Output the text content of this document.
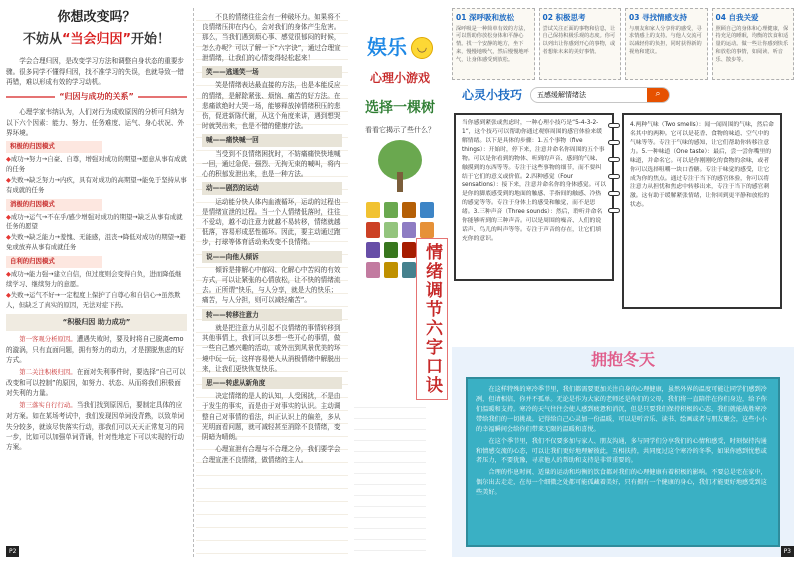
你想改变吗？
不妨从“当会归因”开始！

学会合理归因，是改变学习方法和调整自身状态的重要步骤。很多同学不懂得归因，找不准学习的失误，也就导致一错再错，难以形成有效的学习动机。

“归因与成功的关系”

心理学家韦纳认为，人们对行为成败原因的分析可归纳为以下六个因素：能力、努力、任务难度、运气、身心状况、外界环境。

积极的归因模式
◆成功→努力→自豪、自尊，增强对成功的期望→愿意从事有成就的任务
◆失败→缺乏努力→内疚，具有对成功的高期望→能免于坚持从事有成就的任务
消极的归因模式
◆成功→运气→不在乎/感少增强对成功的期望→缺乏从事有成就任务的愿望
◆失败→缺乏能力→羞愧、无能感，沮丧→降低对成功的期望→避免或放弃从事有成就任务
自利的归因模式
◆成功→能力强→建立自信，但过度则会变得自负，进而降低继续学习、继续努力的意愿。
◆失败→运气不好→一定程度上保护了自尊心和自信心→虽然欺人，但缺乏了真实的原因，无法对症下药。
“积极归因 助力成功”

第一客观分析原因。遭遇失败时，要及时将自己脱离emo的漩涡，只有直面问题，拥有努力的动力，才是摆脱焦虑的好方式。

第二关注积极归因。在面对失利事件时，要选择“自己可以改变和可以控制”的原因，如努力、状态、从而将我们积极面对失利的力量。

第三落实自行行动。当我们找到原因后，要制定具体的应对方案。如在某场考试中，我们发现因单词没背熟，以致单词失分较多，就该尽快落实行动，那我们可以天天正常复习的同一步，比如可以加强单词背诵，针对性地定下可以实现的行动方案。

P2

不良的情绪往往会有一种破坏力。如果将不良情绪压抑在内心，会对我们的身体产生危害。那么，当我们遇到烦心事、感觉很郁闷的时候，怎么办呢？可以了解一下“六字诀”，通过合理宣泄情绪，让我们的心情变得轻松起来！

笑——逃通笑一场

笑是情绪表达最直接的方法，也是本能反应的情绪，是解除紧张、烦恼、痛苦的好方法。在悲痛欲绝时大哭一场，能够释放掉情绪积压的悲伤，促进新陈代谢，从这个角度来讲，遇到想哭时就哭出来，也是不错的健康疗法。

喊——痛快喊一回

当受到不良情绪困扰时，不妨痛痛快快地喊一回，通过急促、强烈、无拘无束的喊叫，将内心的积郁发泄出来，也是一种方法。

动——剧烈的运动

运动能分快人体内血液循环，运动的过程也是情绪宣泄的过程。当一个人情绪低落时，往往不爱动，越不动注意力就越不易转移，情绪就越低落，容易形成恶性循环。因此，要主动通过跑步，打球等体育活动来改变不良情绪。

说——向他人倾诉

倾诉是排解心中郁闷、化解心中苦闷的有效方式，可以让紧张的心情放松，让不快的情绪流去。正所谓“快乐，与人分享，就是大的快乐；痛苦，与人分担，则可以减轻痛苦”。

转——转移注意力

就是把注意力从引起不良情绪的事情转移到其他事情上，我们可以多想一些开心的事情，做一些自己感兴趣的活动，或外出到风景优美的环境中玩一玩，这样容易使人从消极情绪中解脱出来，让我们更快恢复快乐。

思——转虑从新角度

决定情绪的是人的认知，人受困扰，不是由于发生的事实，而是由于对事实的认识。主动调整自己对事情的看法，纠正认识上的偏差，多从光明面看问题，就可减轻甚至消除不良情绪，变阴暗为晴朗。

心理宣泄有合理与不合理之分，我们要学会合理宣泄不良情绪，做情绪的主人。

娱乐 ◡
心理小游戏
选择一棵树
看看它揭示了些什么？
情绪调节六字口诀
01 深呼吸和放松
深呼吸是一种简单有效的方法，可以帮助你放松身体和平静心情。找一个安静的地方，坐下来，慢慢地吸气，然后慢慢地呼气，让身体感受到放松。
02 积极思考
尝试关注正面的事物和信息，让自己保持积极乐观的态度。你可以列出让你感到开心的事物，或者想象未来的美好事情。
03 寻找情感支持
与朋友和家人分享你的感受，寻求情感上的支持。与他人交流可以减轻你的负担，同时获得新的视角和建议。
04 自我关爱
照顾自己的身体和心理健康，保持充足的睡眠，均衡的饮食和适量的运动。做一些让你感到快乐和放松的事情，如阅读、听音乐、散步等。
心灵小技巧
五感缓解情绪法	⌕

当你感到紧张或焦虑时，一种心理小技巧是“5-4-3-2-1”，这个技巧可以帮助你通过观察周围的感官体验来缓解情绪。以下是具体的步骤：1.五个事物（five things）：开始时，停下来，注意并命名你周围的五个事物。可以是你看到的物体、听到的声音、感到的气味、触摸到的东西等等。专注于这些事物的细节，而不要纠结于它们的意义或价值。2.四种感觉（Four sensations）：接下来，注意并命名你的身体感觉。可以是你的脚底感受到的地面的触感、手指间的触感、冷热的感觉等等。专注于身体上的感受和触觉，而不是思绪。3.三种声音（Three sounds）：然后，聆听并命名你能够听到的三种声音。可以是周围的噪音、人们的说话声、鸟儿的叫声等等。专注于声音的存在，让它们填充你的意识。

4.两种气味（Two smells）：闻一闻周围的气味，然后命名其中的两种。它可以是花香、食物的味道、空气中的气味等等。专注于气味的感知，让它们帮助你转移注意力。5.一种味道（One taste）：最后，尝一尝你嘴里的味道，并命名它。可以是你刚刚吃的食物的余味，或者你可以选择咀嚼一块口香糖。专注于味觉的感受，让它成为你的焦点。通过专注于当下的感官体验，你可以将注意力从担忧和焦虑中转移出来，专注于当下的感官刺激。这有助于缓解紧张情绪，让你回到更平静和放松的状态。

拥抱冬天

在这样特殊的寒冷季节里，我们都需要更加关注自身的心理健康，虽然外界的温度可能让同学们感到冷冽，但请相信，你并不孤单。无论是作为大家的老师还是你们的父母，我们将一直陪伴在你们身边，给予你们温暖和支持。寒冷的天气往往会使人感到疲惫和消沉，但是只要我们保持积极的心态，我们就能战胜寒冷带给我们的一切挑战。记得给自己心灵加一份温暖，可以是听音乐、读书、绘画或者与朋友聚会，这些小小的幸福瞬间会给你们带来无限的温暖和喜悦。

在这个季节里，我们不仅要多加与家人、朋友沟通，多与同学们分享我们的心情和感受，时刻保持沟通和情感交流的心态，可以让我们更好地理解彼此，互相扶持，共同度过这个寒冷的冬季，如果你感到忧愁或者压力，不要犹豫，寻求他人的帮助和支持是非常重要的。

合理的作息时间、适量的运动和均衡的饮食都对我们的心理健康有着积极的影响。不要总是宅在家中，偶尔出去走走，在每一个细微之处都可能孤藏着美好，只有拥有一个健康的身心，我们才能更好地感受到这些美好。

P3
